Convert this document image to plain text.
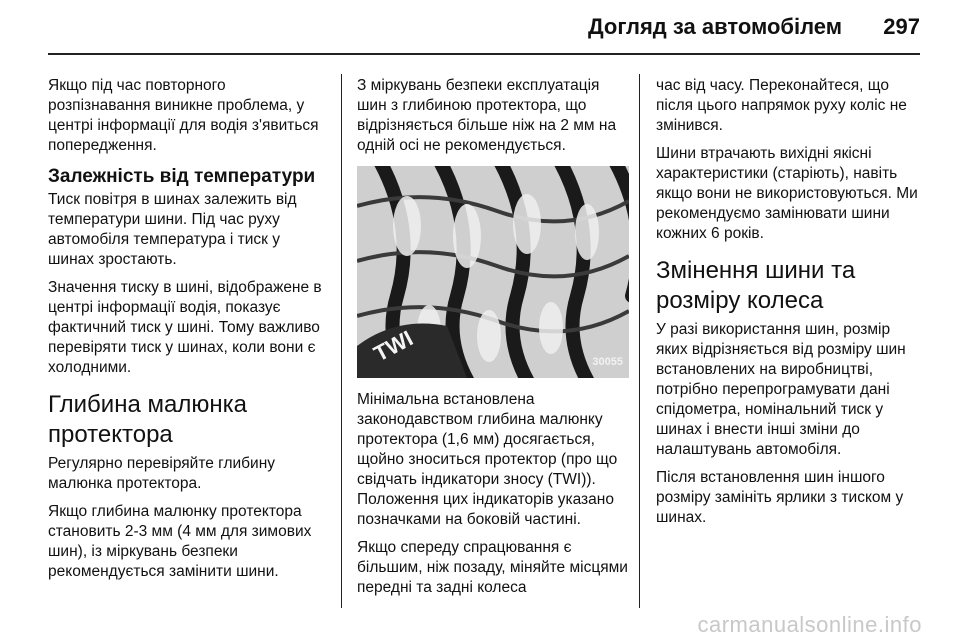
Догляд за автомобілем 297

Якщо під час повторного розпізнавання виникне проблема, у центрі інформації для водія з'явиться попередження.

Залежність від температури

Тиск повітря в шинах залежить від температури шини. Під час руху автомобіля температура і тиск у шинах зростають.

Значення тиску в шині, відображене в центрі інформації водія, показує фактичний тиск у шині. Тому важливо перевіряти тиск у шинах, коли вони є холодними.

Глибина малюнка протектора

Регулярно перевіряйте глибину малюнка протектора.

Якщо глибина малюнку протектора становить 2-3 мм (4 мм для зимових шин), із міркувань безпеки рекомендується замінити шини.

З міркувань безпеки експлуатація шин з глибиною протектора, що відрізняється більше ніж на 2 мм на одній осі не рекомендується.

TWI	30055

Мінімальна встановлена законодавством глибина малюнку протектора (1,6 мм) досягається, щойно зноситься протектор (про що свідчать індикатори зносу (TWI)). Положення цих індикаторів указано позначками на боковій частині.

Якщо спереду спрацювання є більшим, ніж позаду, міняйте місцями передні та задні колеса

час від часу. Переконайтеся, що після цього напрямок руху коліс не змінився.

Шини втрачають вихідні якісні характеристики (старіють), навіть якщо вони не використовуються. Ми рекомендуємо замінювати шини кожних 6 років.

Змінення шини та розміру колеса

У разі використання шин, розмір яких відрізняється від розміру шин встановлених на виробництві, потрібно перепрограмувати дані спідометра, номінальний тиск у шинах і внести інші зміни до налаштувань автомобіля.

Після встановлення шин іншого розміру замініть ярлики з тиском у шинах.

carmanualsonline.info
